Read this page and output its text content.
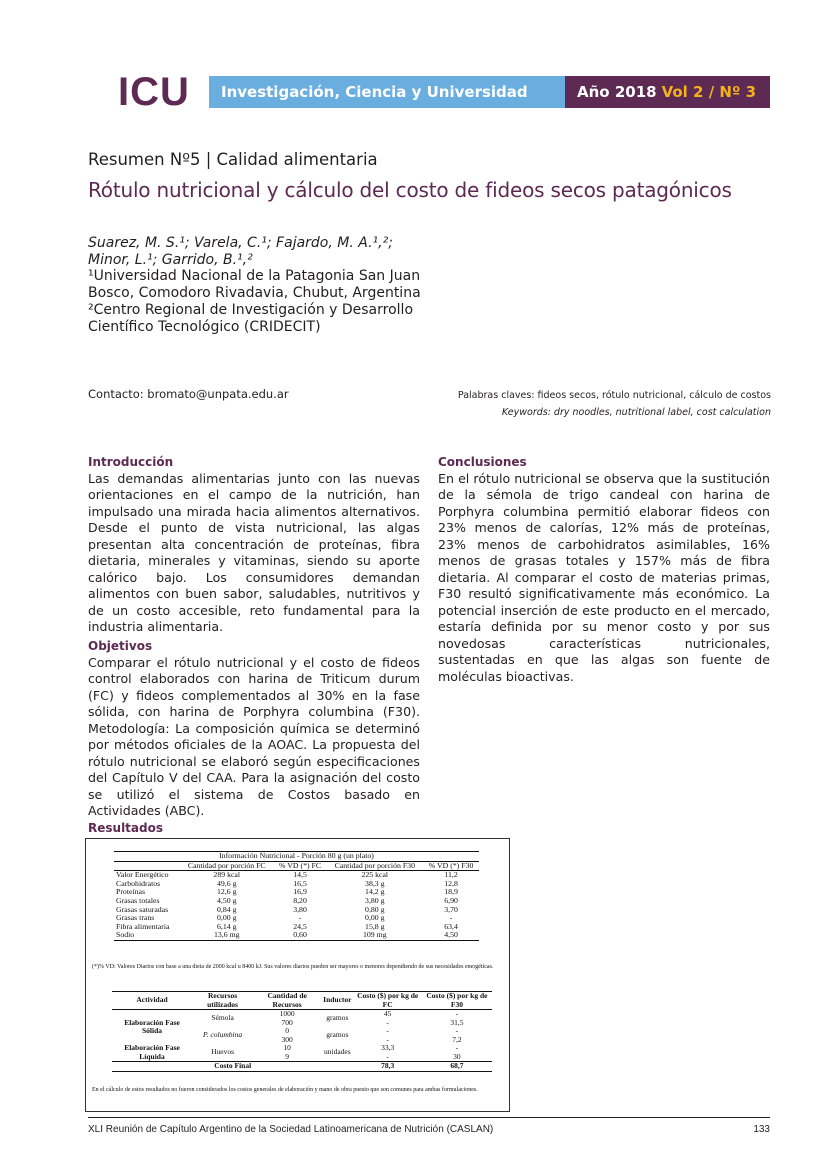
ICU	Investigación, Ciencia y Universidad	Año 2018 Vol 2 / Nº 3
Resumen Nº5 | Calidad alimentaria
Rótulo nutricional y cálculo del costo de fideos secos patagónicos
Suarez, M. S.¹; Varela, C.¹; Fajardo, M. A.¹,²; Minor, L.¹; Garrido, B.¹,²

¹Universidad Nacional de la Patagonia San Juan Bosco, Comodoro Rivadavia, Chubut, Argentina

²Centro Regional de Investigación y Desarrollo Científico Tecnológico (CRIDECIT)

Contacto: bromato@unpata.edu.ar	Palabras claves: fideos secos, rótulo nutricional, cálculo de costos
Keywords: dry noodles, nutritional label, cost calculation
Introducción

Las demandas alimentarias junto con las nuevas orientaciones en el campo de la nutrición, han impulsado una mirada hacia alimentos alternativos. Desde el punto de vista nutricional, las algas presentan alta concentración de proteínas, fibra dietaria, minerales y vitaminas, siendo su aporte calórico bajo. Los consumidores demandan alimentos con buen sabor, saludables, nutritivos y de un costo accesible, reto fundamental para la industria alimentaria.

Objetivos

Comparar el rótulo nutricional y el costo de fideos control elaborados con harina de Triticum durum (FC) y fideos complementados al 30% en la fase sólida, con harina de Porphyra columbina (F30). Metodología: La composición química se determinó por métodos oficiales de la AOAC. La propuesta del rótulo nutricional se elaboró según especificaciones del Capítulo V del CAA. Para la asignación del costo se utilizó el sistema de Costos basado en Actividades (ABC).

Conclusiones

En el rótulo nutricional se observa que la sustitución de la sémola de trigo candeal con harina de Porphyra columbina permitió elaborar fideos con 23% menos de calorías, 12% más de proteínas, 23% menos de carbohidratos asimilables, 16% menos de grasas totales y 157% más de fibra dietaria. Al comparar el costo de materias primas, F30 resultó significativamente más económico. La potencial inserción de este producto en el mercado, estaría definida por su menor costo y por sus novedosas características nutricionales, sustentadas en que las algas son fuente de moléculas bioactivas.

Resultados
Información Nutricional - Porción 80 g (un plato)				
	Cantidad por porción FC	% VD (*) FC	Cantidad por porción F30	% VD (*) F30
Valor Energético	289 kcal	14,5	225 kcal	11,2
Carbohidratos	49,6 g	16,5	38,3 g	12,8
Proteínas	12,6 g	16,9	14,2 g	18,9
Grasas totales	4,50 g	8,20	3,80 g	6,90
Grasas saturadas	0,84 g	3,80	0,80 g	3,70
Grasas trans	0,00 g	-	0,00 g	-
Fibra alimentaria	6,14 g	24,5	15,8 g	63,4
Sodio	13,6 mg	0,60	109 mg	4,50
(*)% VD: Valores Diarios con base a una dieta de 2000 kcal u 8400 kJ. Sus valores diarios pueden ser mayores o menores dependiendo de sus necesidades energéticas.
Actividad	Recursos utilizados	Cantidad de Recursos	Inductor	Costo ($) por kg de FC	Costo ($) por kg de F30
Elaboración Fase Sólida	Sémola	1000	gramos	45	-
		700		-	31,5
	P. columbina	0	gramos	-	-
		300		-	7,2
Elaboración Fase Líquida	Huevos	10	unidades	33,3	-
		9		-	30
Costo Final				78,3	68,7
En el cálculo de estos resultados no fueron considerados los costos generales de elaboración y mano de obra puesto que son comunes para ambas formulaciones.
XLI Reunión de Capítulo Argentino de la Sociedad Latinoamericana de Nutrición (CASLAN)	133
